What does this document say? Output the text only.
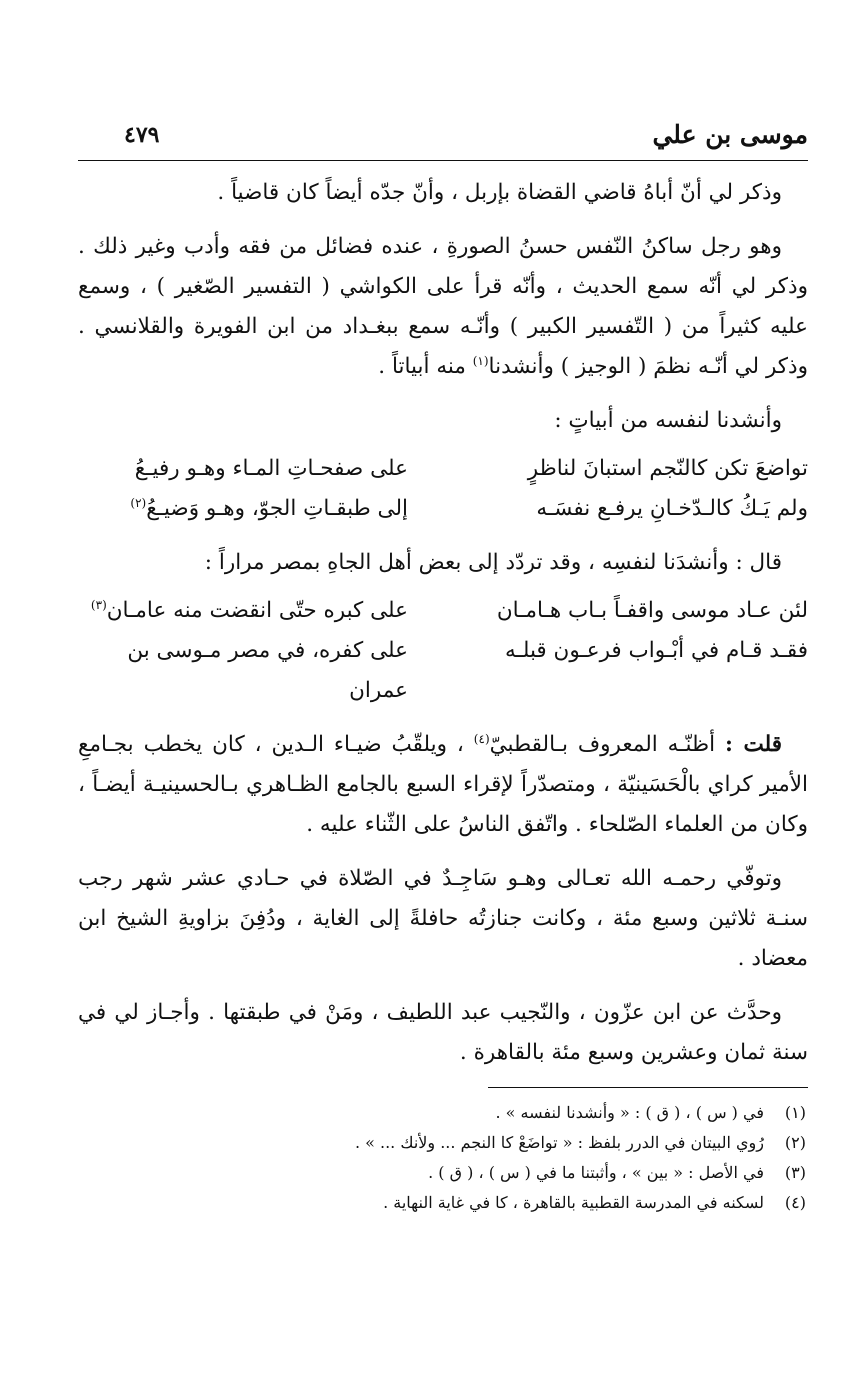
موسى بن علي
٤٧٩

وذكر لي أنّ أباهُ قاضي القضاة بإربل ، وأنّ جدّه أيضاً كان قاضياً .

وهو رجل ساكنُ النّفس حسنُ الصورةِ ، عنده فضائل من فقه وأدب وغير ذلك . وذكر لي أنّه سمع الحديث ، وأنّه قرأ على الكواشي ( التفسير الصّغير ) ، وسمع عليه كثيراً من ( التّفسير الكبير ) وأنّـه سمع ببغـداد من ابن الفويرة والقلانسي . وذكر لي أنّـه نظمَ ( الوجيز ) وأنشدنا$^{(١)}$ منه أبياتاً .

وأنشدنا لنفسه من أبياتٍ :

تواضعَ تكن كالنّجم استبانَ لناظرٍ
على صفحـاتِ المـاء وهـو رفيـعُ
ولم يَـكُ كالـدّخـانِ يرفـع نفسَـه
إلى طبقـاتِ الجوّ، وهـو وَضيـعُ$^{(٢)}$

قال : وأنشدَنا لنفسِه ، وقد تردّد إلى بعض أهل الجاهِ بمصر مراراً :

لئن عـاد موسى واقفـاً بـاب هـامـان
على كبره حتّى انقضت منه عامـان$^{(٣)}$
فقـد قـام في أبْـواب فرعـون قبلـه
على كفره، في مصر مـوسى بن عمران

قلت : أظنّـه المعروف بـالقطبيّ$^{(٤)}$ ، ويلقّبُ ضيـاء الـدين ، كان يخطب بجـامعِ الأمير كراي بالْحَسَينيّة ، ومتصدّراً لإقراء السبع بالجامع الظـاهري بـالحسينيـة أيضـاً ، وكان من العلماء الصّلحاء . واتّفق الناسُ على الثّناء عليه .

وتوفّي رحمـه الله تعـالى وهـو سَاجِـدٌ في الصّلاة في حـادي عشر شهر رجب سنـة ثلاثين وسبع مئة ، وكانت جنازتُه حافلةً إلى الغاية ، ودُفِنَ بزاويةِ الشيخ ابن معضاد .

وحدَّث عن ابن عزّون ، والنّجيب عبد اللطيف ، ومَنْ في طبقتها . وأجـاز لي في سنة ثمان وعشرين وسبع مئة بالقاهرة .

(١)
في ( س ) ، ( ق ) : « وأنشدنا لنفسه » .
(٢)
رُوي البيتان في الدرر بلفظ : « تواضَعْ كا النجم ... ولأنك ... » .
(٣)
في الأصل : « بين » ، وأثبتنا ما في ( س ) ، ( ق ) .
(٤)
لسكنه في المدرسة القطبية بالقاهرة ، كا في غاية النهاية .
